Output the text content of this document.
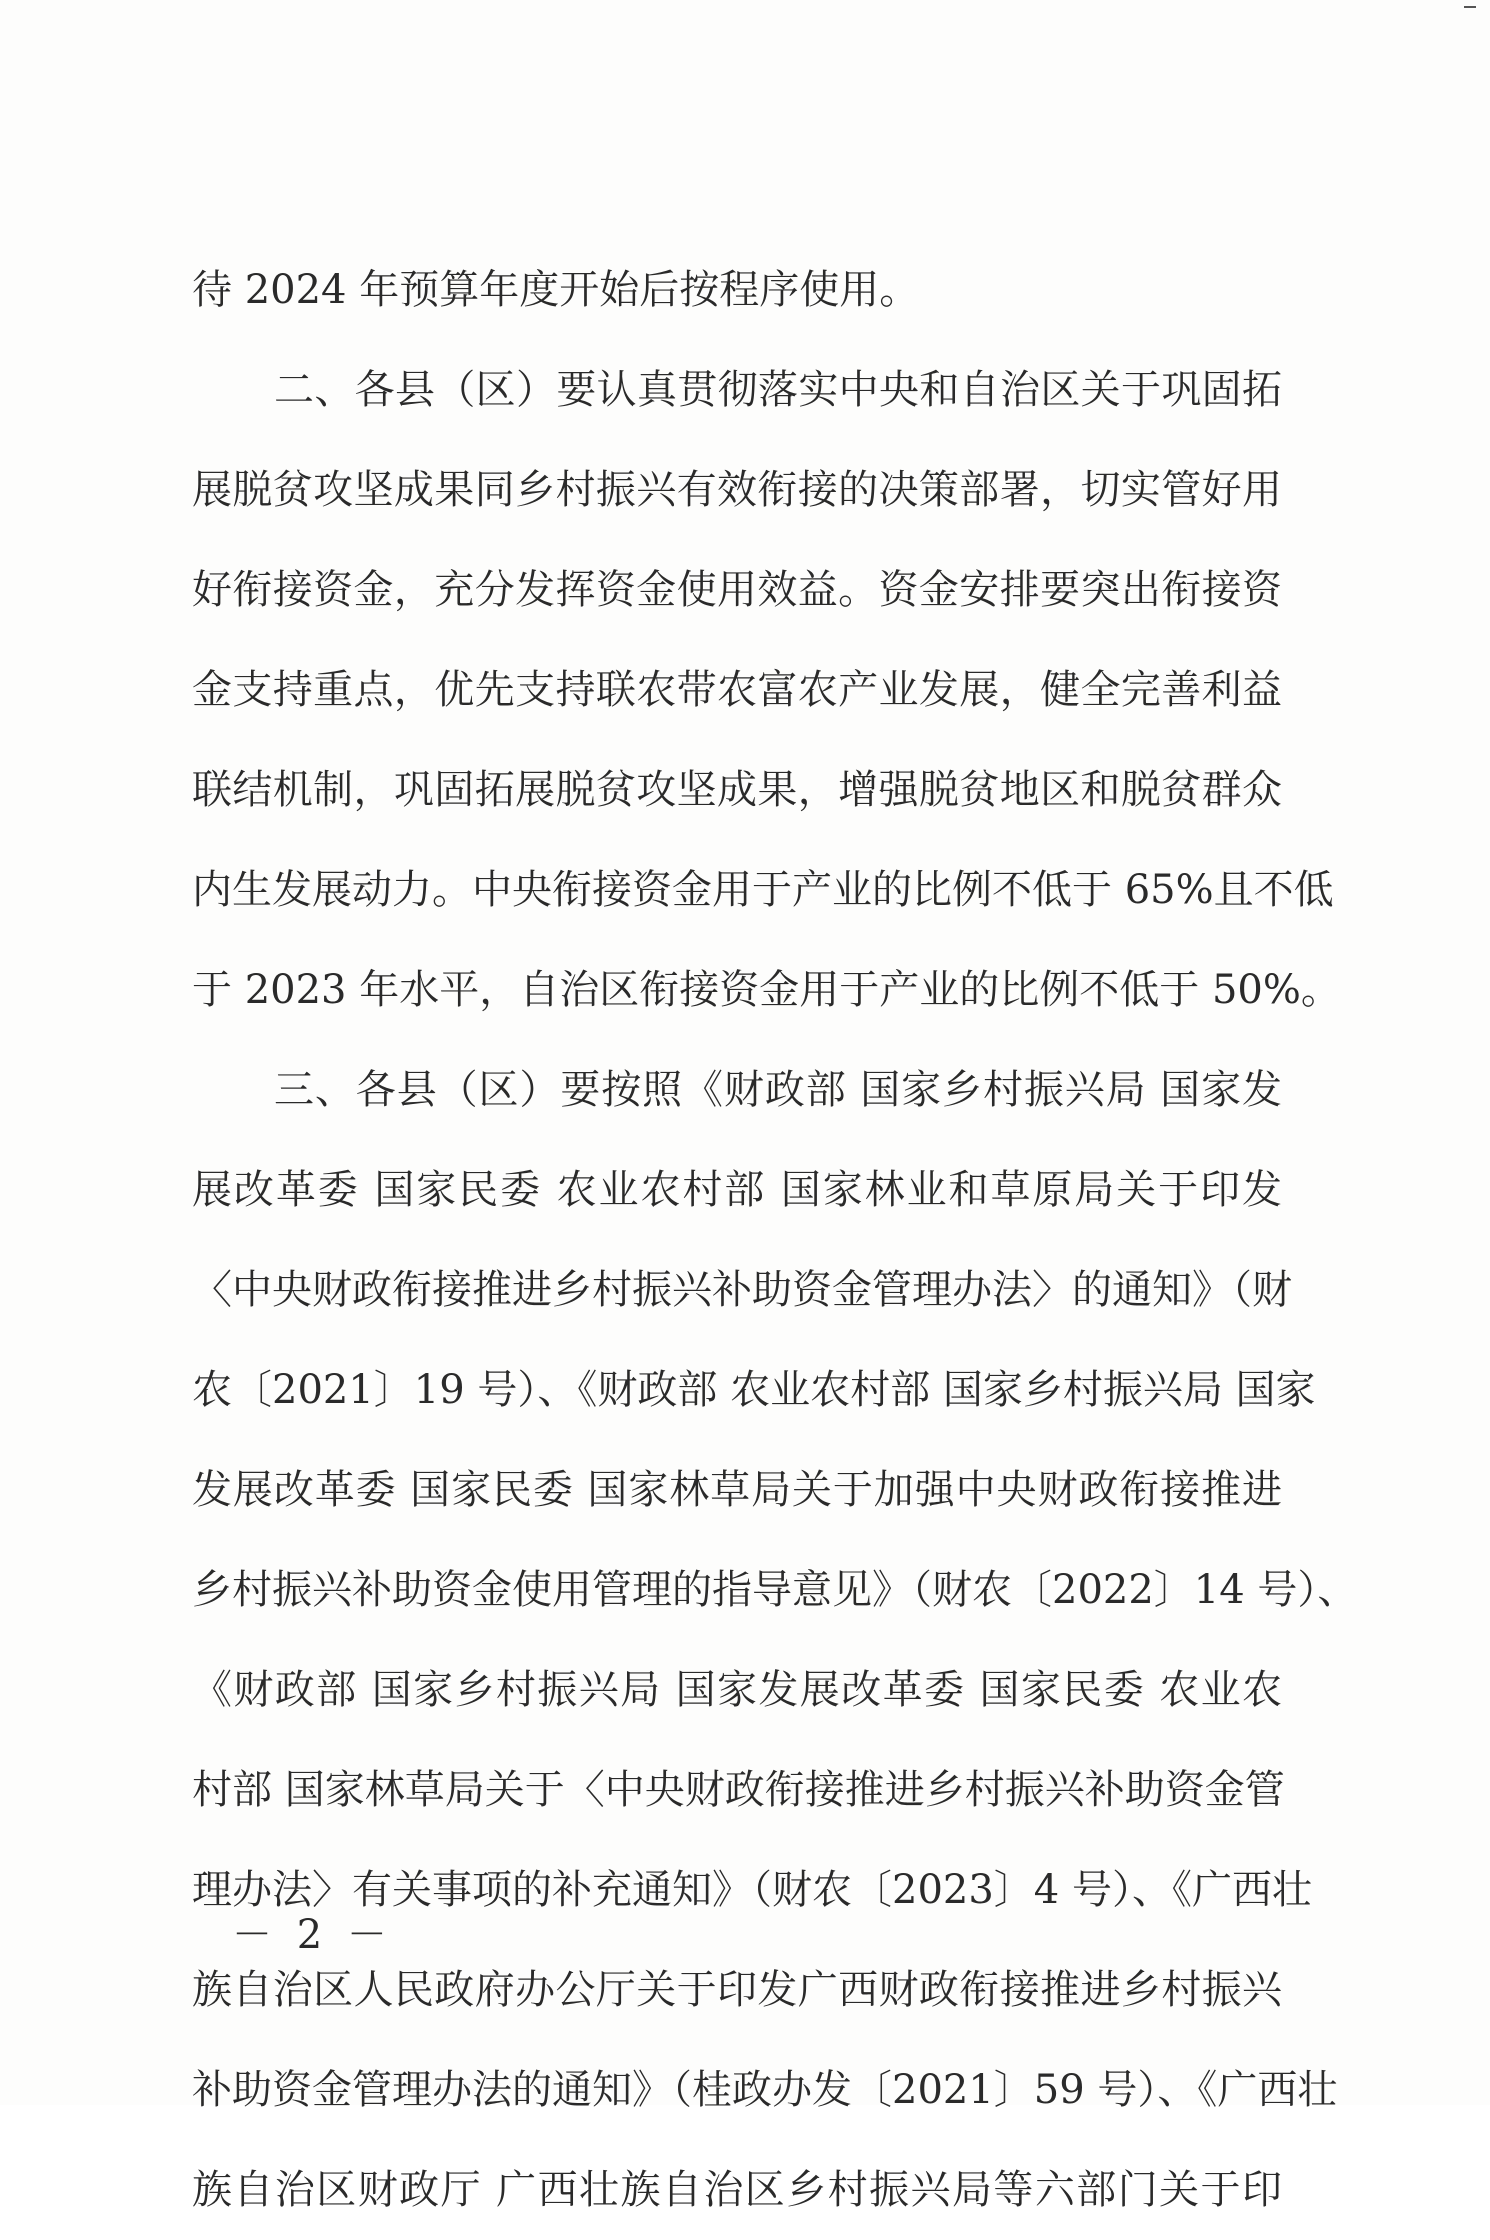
待 2024 年预算年度开始后按程序使用。
二、各县（区）要认真贯彻落实中央和自治区关于巩固拓
展脱贫攻坚成果同乡村振兴有效衔接的决策部署，切实管好用
好衔接资金，充分发挥资金使用效益。资金安排要突出衔接资
金支持重点，优先支持联农带农富农产业发展，健全完善利益
联结机制，巩固拓展脱贫攻坚成果，增强脱贫地区和脱贫群众
内生发展动力。中央衔接资金用于产业的比例不低于 65%且不低
于 2023 年水平，自治区衔接资金用于产业的比例不低于 50%。
三、各县（区）要按照《财政部 国家乡村振兴局 国家发
展改革委 国家民委 农业农村部 国家林业和草原局关于印发
〈中央财政衔接推进乡村振兴补助资金管理办法〉的通知》（财
农〔2021〕19 号）、《财政部 农业农村部 国家乡村振兴局 国家
发展改革委 国家民委 国家林草局关于加强中央财政衔接推进
乡村振兴补助资金使用管理的指导意见》（财农〔2022〕14 号）、
《财政部 国家乡村振兴局 国家发展改革委 国家民委 农业农
村部 国家林草局关于〈中央财政衔接推进乡村振兴补助资金管
理办法〉有关事项的补充通知》（财农〔2023〕4 号）、《广西壮
族自治区人民政府办公厅关于印发广西财政衔接推进乡村振兴
补助资金管理办法的通知》（桂政办发〔2021〕59 号）、《广西壮
族自治区财政厅 广西壮族自治区乡村振兴局等六部门关于印
－ 2 －
